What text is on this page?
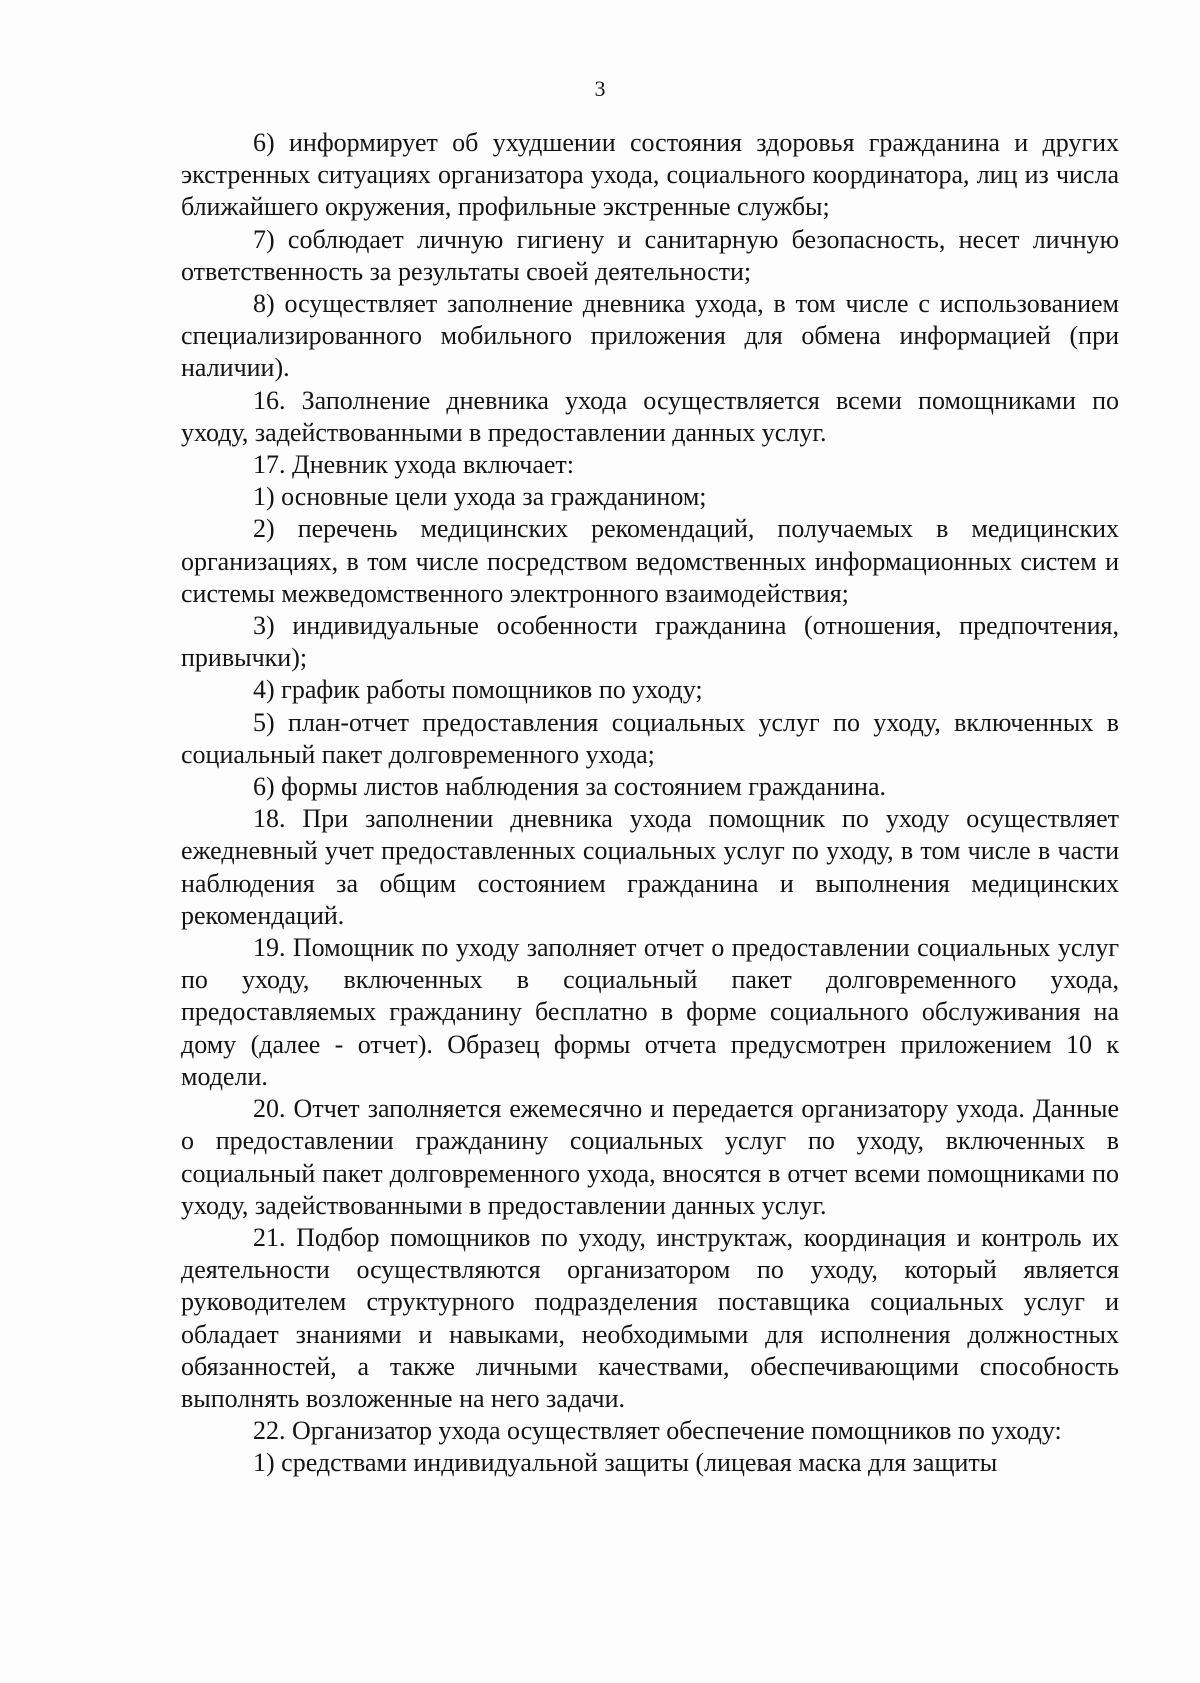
3

6) информирует об ухудшении состояния здоровья гражданина и других экстренных ситуациях организатора ухода, социального координатора, лиц из числа ближайшего окружения, профильные экстренные службы;

7) соблюдает личную гигиену и санитарную безопасность, несет личную ответственность за результаты своей деятельности;

8) осуществляет заполнение дневника ухода, в том числе с использованием специализированного мобильного приложения для обмена информацией (при наличии).

16. Заполнение дневника ухода осуществляется всеми помощниками по уходу, задействованными в предоставлении данных услуг.

17. Дневник ухода включает:

1) основные цели ухода за гражданином;

2) перечень медицинских рекомендаций, получаемых в медицинских организациях, в том числе посредством ведомственных информационных систем и системы межведомственного электронного взаимодействия;

3) индивидуальные особенности гражданина (отношения, предпочтения, привычки);

4) график работы помощников по уходу;

5) план-отчет предоставления социальных услуг по уходу, включенных в социальный пакет долговременного ухода;

6) формы листов наблюдения за состоянием гражданина.

18. При заполнении дневника ухода помощник по уходу осуществляет ежедневный учет предоставленных социальных услуг по уходу, в том числе в части наблюдения за общим состоянием гражданина и выполнения медицинских рекомендаций.

19. Помощник по уходу заполняет отчет о предоставлении социальных услуг по уходу, включенных в социальный пакет долговременного ухода, предоставляемых гражданину бесплатно в форме социального обслуживания на дому (далее - отчет). Образец формы отчета предусмотрен приложением 10 к модели.

20. Отчет заполняется ежемесячно и передается организатору ухода. Данные о предоставлении гражданину социальных услуг по уходу, включенных в социальный пакет долговременного ухода, вносятся в отчет всеми помощниками по уходу, задействованными в предоставлении данных услуг.

21. Подбор помощников по уходу, инструктаж, координация и контроль их деятельности осуществляются организатором по уходу, который является руководителем структурного подразделения поставщика социальных услуг и обладает знаниями и навыками, необходимыми для исполнения должностных обязанностей, а также личными качествами, обеспечивающими способность выполнять возложенные на него задачи.

22. Организатор ухода осуществляет обеспечение помощников по уходу:

1) средствами индивидуальной защиты (лицевая маска для защиты
